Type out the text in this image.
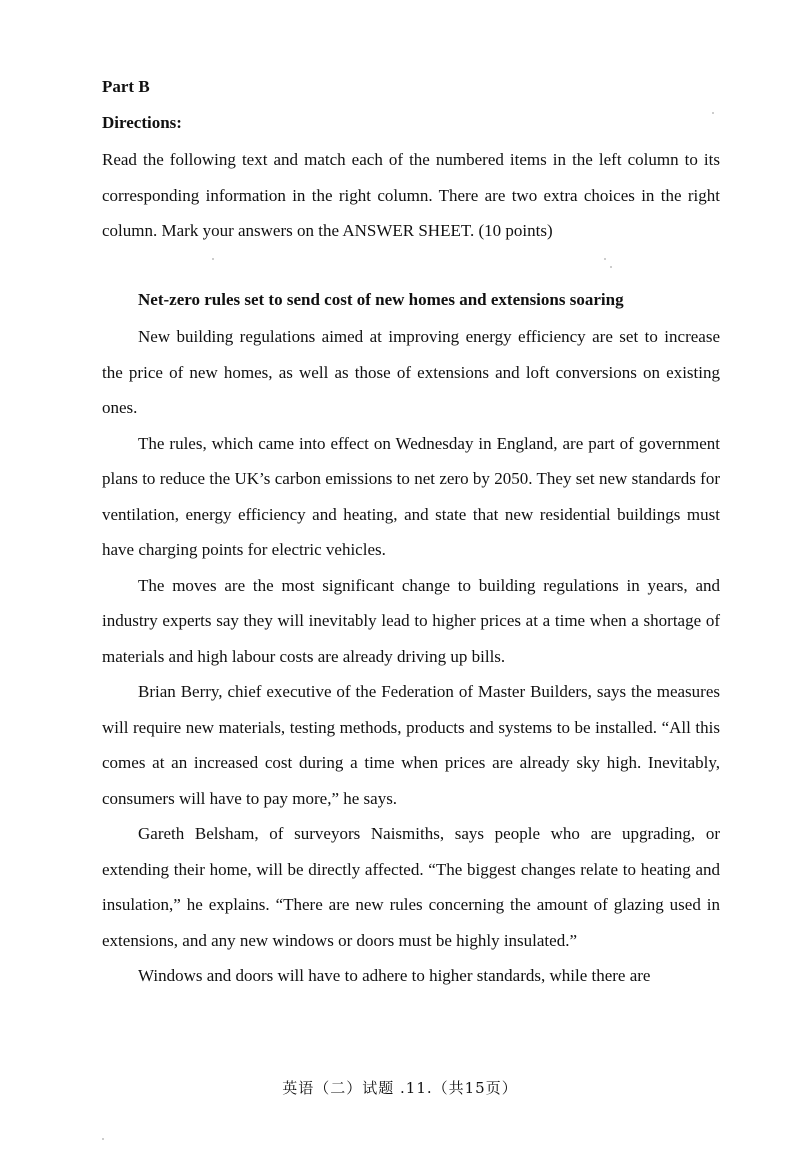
Part B

Directions:

Read the following text and match each of the numbered items in the left column to its corresponding information in the right column. There are two extra choices in the right column. Mark your answers on the ANSWER SHEET. (10 points)

Net-zero rules set to send cost of new homes and extensions soaring

New building regulations aimed at improving energy efficiency are set to increase the price of new homes, as well as those of extensions and loft conversions on existing ones.

The rules, which came into effect on Wednesday in England, are part of government plans to reduce the UK’s carbon emissions to net zero by 2050. They set new standards for ventilation, energy efficiency and heating, and state that new residential buildings must have charging points for electric vehicles.

The moves are the most significant change to building regulations in years, and industry experts say they will inevitably lead to higher prices at a time when a shortage of materials and high labour costs are already driving up bills.

Brian Berry, chief executive of the Federation of Master Builders, says the measures will require new materials, testing methods, products and systems to be installed. “All this comes at an increased cost during a time when prices are already sky high. Inevitably, consumers will have to pay more,” he says.

Gareth Belsham, of surveyors Naismiths, says people who are upgrading, or extending their home, will be directly affected. “The biggest changes relate to heating and insulation,” he explains. “There are new rules concerning the amount of glazing used in extensions, and any new windows or doors must be highly insulated.”

Windows and doors will have to adhere to higher standards, while there are

英语（二）试题 .11.（共15页）
